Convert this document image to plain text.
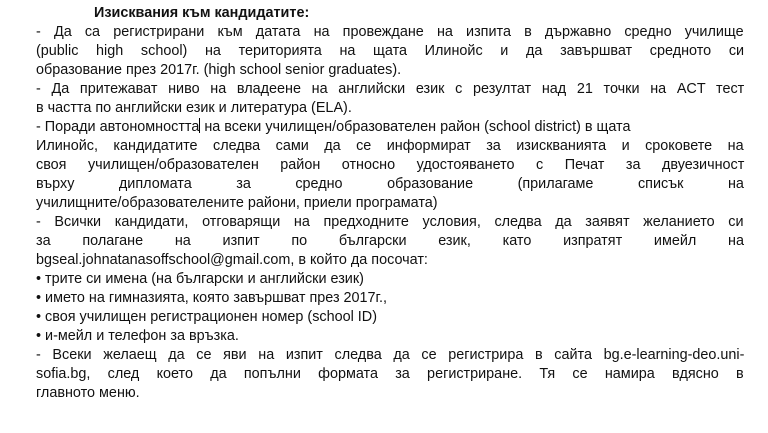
Изисквания към кандидатите:

- Да са регистрирани към датата на провеждане на изпита в държавно средно училище
(public high school) на територията на щата Илинойс и да завършват средното си
образование през 2017г. (high school senior graduates).
- Да притежават ниво на владеене на английски език с резултат над 21 точки на ACT тест
в частта по английски език и литература (ELA).
- Поради автономността на всеки училищен/образователен район (school district) в щата
Илинойс, кандидатите следва сами да се информират за изискванията и сроковете на
своя училищен/образователен район относно удостояването с Печат за двуезичност
върху	дипломата	за	средно	образование	(прилагаме	списък	на
училищните/образователените райони, приели програмата)
- Всички кандидати, отговарящи на предходните условия, следва да заявят желанието си
за полагане на изпит по български език, като изпратят имейл на
bgseal.johnatanasoffschool@gmail.com, в който да посочат:
• трите си имена (на български и английски език)
• името на гимназията, която завършват през 2017г.,
• своя училищен регистрационен номер (school ID)
• и-мейл и телефон за връзка.
- Всеки желаещ да се яви на изпит следва да се регистрира в сайта bg.e-learning-deo.uni-
sofia.bg, след което да попълни формата за регистриране. Тя се намира вдясно в
главното меню.
